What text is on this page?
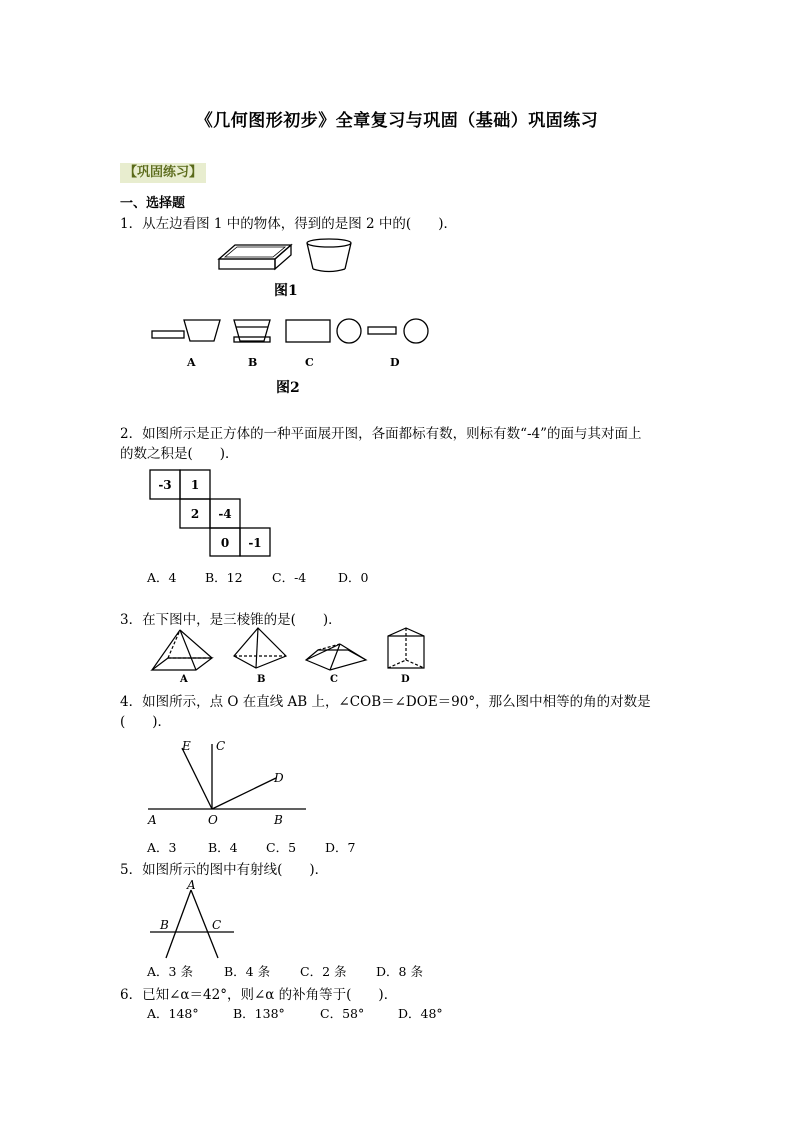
《几何图形初步》全章复习与巩固（基础）巩固练习
【巩固练习】
一、选择题
1．从左边看图 1 中的物体，得到的是图 2 中的(　　)．
图1
A	B	C	D
图2
2．如图所示是正方体的一种平面展开图，各面都标有数，则标有数“-4”的面与其对面上
的数之积是(　　)．
-3 1
2 -4
0 -1
A．4 B．12 C．-4	D．0
3．在下图中，是三棱锥的是(　　)．
A	B	C	D
4．如图所示，点 O 在直线 AB 上，∠COB＝∠DOE＝90°，那么图中相等的角的对数是
(　　)．
E C
D
A	O	B
A．3	B．4 C．5 D．7
5．如图所示的图中有射线(　　)．
A
B	C
A．3 条 B．4 条 C．2 条 D．8 条
6．已知∠α＝42°，则∠α 的补角等于(　　)．
A．148°	B．138°	C．58°	D．48°
